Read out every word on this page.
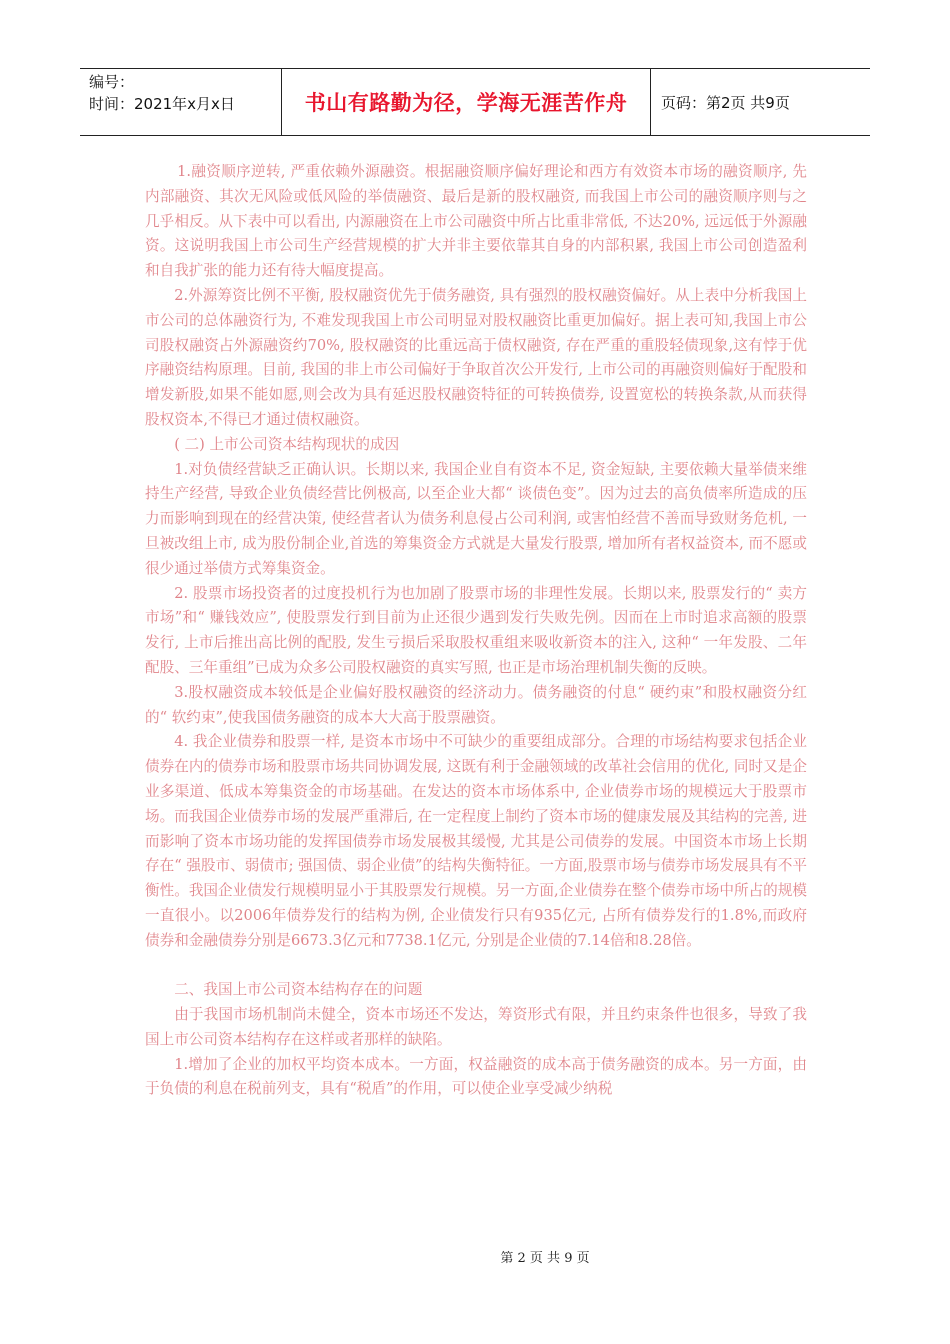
编号：
时间：2021年x月x日	书山有路勤为径，学海无涯苦作舟	页码：第2页 共9页

1.融资顺序逆转, 严重依赖外源融资。根据融资顺序偏好理论和西方有效资本市场的融资顺序, 先内部融资、其次无风险或低风险的举债融资、最后是新的股权融资, 而我国上市公司的融资顺序则与之几乎相反。从下表中可以看出, 内源融资在上市公司融资中所占比重非常低, 不达20%, 远远低于外源融资。这说明我国上市公司生产经营规模的扩大并非主要依靠其自身的内部积累, 我国上市公司创造盈利和自我扩张的能力还有待大幅度提高。

2.外源筹资比例不平衡, 股权融资优先于债务融资, 具有强烈的股权融资偏好。从上表中分析我国上市公司的总体融资行为, 不难发现我国上市公司明显对股权融资比重更加偏好。据上表可知,我国上市公司股权融资占外源融资约70%, 股权融资的比重远高于债权融资, 存在严重的重股轻债现象,这有悖于优序融资结构原理。目前, 我国的非上市公司偏好于争取首次公开发行, 上市公司的再融资则偏好于配股和增发新股,如果不能如愿,则会改为具有延迟股权融资特征的可转换债券, 设置宽松的转换条款,从而获得股权资本,不得已才通过债权融资。

( 二) 上市公司资本结构现状的成因

1.对负债经营缺乏正确认识。长期以来, 我国企业自有资本不足, 资金短缺, 主要依赖大量举债来维持生产经营, 导致企业负债经营比例极高, 以至企业大都“ 谈债色变”。因为过去的高负债率所造成的压力而影响到现在的经营决策, 使经营者认为债务利息侵占公司利润, 或害怕经营不善而导致财务危机, 一旦被改组上市, 成为股份制企业,首选的筹集资金方式就是大量发行股票, 增加所有者权益资本, 而不愿或很少通过举债方式筹集资金。

2. 股票市场投资者的过度投机行为也加剧了股票市场的非理性发展。长期以来, 股票发行的“ 卖方市场”和“ 赚钱效应”, 使股票发行到目前为止还很少遇到发行失败先例。因而在上市时追求高额的股票发行, 上市后推出高比例的配股, 发生亏损后采取股权重组来吸收新资本的注入, 这种“ 一年发股、二年配股、三年重组”已成为众多公司股权融资的真实写照, 也正是市场治理机制失衡的反映。

3.股权融资成本较低是企业偏好股权融资的经济动力。债务融资的付息“ 硬约束”和股权融资分红的“ 软约束”,使我国债务融资的成本大大高于股票融资。

4. 我企业债券和股票一样, 是资本市场中不可缺少的重要组成部分。合理的市场结构要求包括企业债券在内的债券市场和股票市场共同协调发展, 这既有利于金融领域的改革社会信用的优化, 同时又是企业多渠道、低成本筹集资金的市场基础。在发达的资本市场体系中, 企业债券市场的规模远大于股票市场。而我国企业债券市场的发展严重滞后, 在一定程度上制约了资本市场的健康发展及其结构的完善, 进而影响了资本市场功能的发挥国债券市场发展极其缓慢, 尤其是公司债券的发展。中国资本市场上长期存在“ 强股市、弱债市; 强国债、弱企业债”的结构失衡特征。一方面,股票市场与债券市场发展具有不平衡性。我国企业债发行规模明显小于其股票发行规模。另一方面,企业债券在整个债券市场中所占的规模一直很小。以2006年债券发行的结构为例, 企业债发行只有935亿元, 占所有债券发行的1.8%,而政府债券和金融债券分别是6673.3亿元和7738.1亿元, 分别是企业债的7.14倍和8.28倍。

二、我国上市公司资本结构存在的问题

由于我国市场机制尚未健全，资本市场还不发达，筹资形式有限，并且约束条件也很多，导致了我国上市公司资本结构存在这样或者那样的缺陷。

1.增加了企业的加权平均资本成本。一方面，权益融资的成本高于债务融资的成本。另一方面，由于负债的利息在税前列支，具有“税盾”的作用，可以使企业享受减少纳税

第 2 页 共 9 页
